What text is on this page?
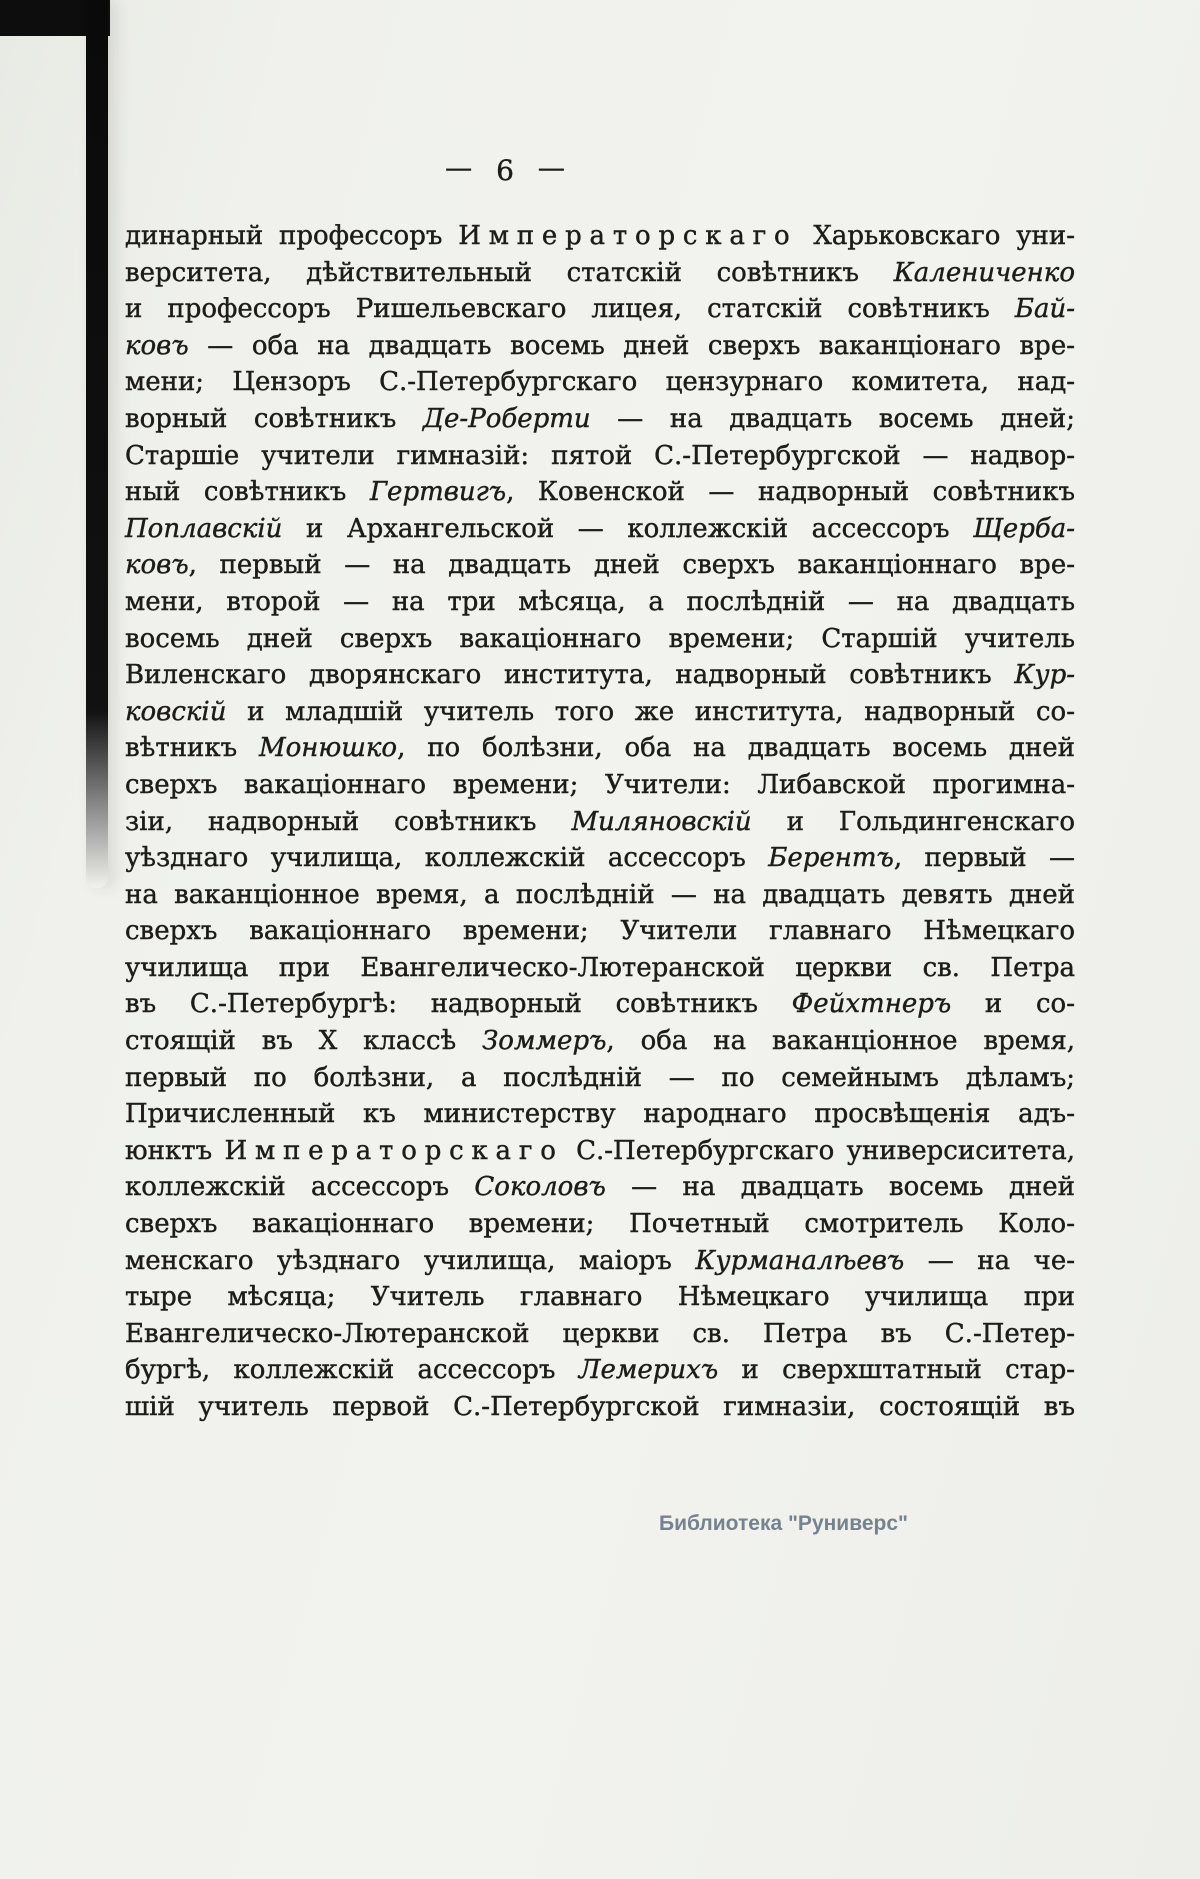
— 6 —
динарный профессоръ Императорскаго Харьковскаго уни-
верситета, дѣйствительный статскій совѣтникъ Калениченко
и профессоръ Ришельевскаго лицея, статскій совѣтникъ Бай-
ковъ — оба на двадцать восемь дней сверхъ ваканціонаго вре-
мени; Цензоръ С.-Петербургскаго цензурнаго комитета, над-
ворный совѣтникъ Де-Роберти — на двадцать восемь дней;
Старшіе учители гимназій: пятой С.-Петербургской — надвор-
ный совѣтникъ Гертвигъ, Ковенской — надворный совѣтникъ
Поплавскій и Архангельской — коллежскій ассессоръ Щерба-
ковъ, первый — на двадцать дней сверхъ ваканціоннаго вре-
мени, второй — на три мѣсяца, а послѣдній — на двадцать
восемь дней сверхъ вакаціоннаго времени; Старшій учитель
Виленскаго дворянскаго института, надворный совѣтникъ Кур-
ковскій и младшій учитель того же института, надворный со-
вѣтникъ Монюшко, по болѣзни, оба на двадцать восемь дней
сверхъ вакаціоннаго времени; Учители: Либавской прогимна-
зіи, надворный совѣтникъ Миляновскій и Гольдингенскаго
уѣзднаго училища, коллежскій ассессоръ Берентъ, первый —
на ваканціонное время, а послѣдній — на двадцать девять дней
сверхъ вакаціоннаго времени; Учители главнаго Нѣмецкаго
училища при Евангелическо-Лютеранской церкви св. Петра
въ С.-Петербургѣ: надворный совѣтникъ Фейхтнеръ и со-
стоящій въ X классѣ Зоммеръ, оба на ваканціонное время,
первый по болѣзни, а послѣдній — по семейнымъ дѣламъ;
Причисленный къ министерству народнаго просвѣщенія адъ-
юнктъ Императорскаго С.-Петербургскаго универсиситета,
коллежскій ассессоръ Соколовъ — на двадцать восемь дней
сверхъ вакаціоннаго времени; Почетный смотритель Коло-
менскаго уѣзднаго училища, маіоръ Курманалѣевъ — на че-
тыре мѣсяца; Учитель главнаго Нѣмецкаго училища при
Евангелическо-Лютеранской церкви св. Петра въ С.-Петер-
бургѣ, коллежскій ассессоръ Лемерихъ и сверхштатный стар-
шій учитель первой С.-Петербургской гимназіи, состоящій въ
Библиотека "Руниверс"
